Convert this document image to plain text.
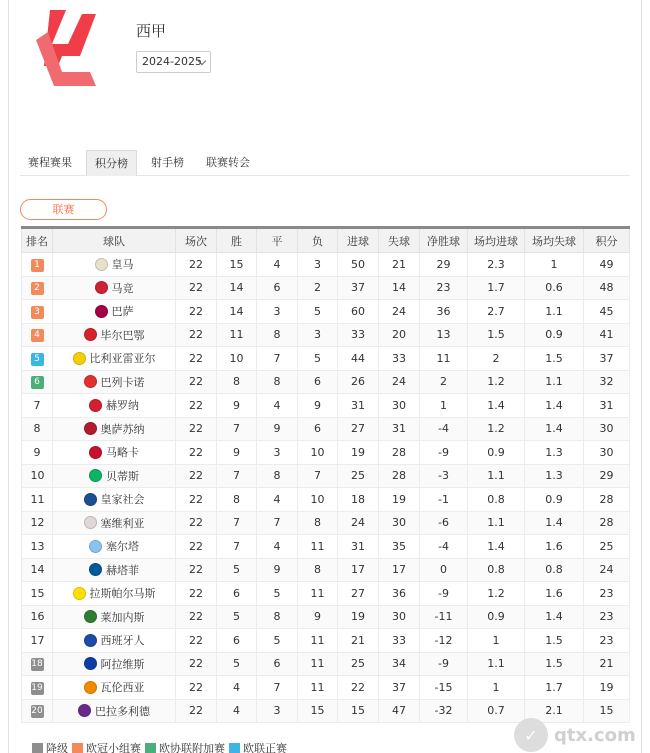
西甲
2024-2025
赛程赛果	积分榜	射手榜	联赛转会
联赛
排名	球队	场次	胜	平	负	进球	失球	净胜球	场均进球	场均失球	积分
1	皇马	22	15	4	3	50	21	29	2.3	1	49
2	马竞	22	14	6	2	37	14	23	1.7	0.6	48
3	巴萨	22	14	3	5	60	24	36	2.7	1.1	45
4	毕尔巴鄂	22	11	8	3	33	20	13	1.5	0.9	41
5	比利亚雷亚尔	22	10	7	5	44	33	11	2	1.5	37
6	巴列卡诺	22	8	8	6	26	24	2	1.2	1.1	32
7	赫罗纳	22	9	4	9	31	30	1	1.4	1.4	31
8	奥萨苏纳	22	7	9	6	27	31	-4	1.2	1.4	30
9	马略卡	22	9	3	10	19	28	-9	0.9	1.3	30
10	贝蒂斯	22	7	8	7	25	28	-3	1.1	1.3	29
11	皇家社会	22	8	4	10	18	19	-1	0.8	0.9	28
12	塞维利亚	22	7	7	8	24	30	-6	1.1	1.4	28
13	塞尔塔	22	7	4	11	31	35	-4	1.4	1.6	25
14	赫塔菲	22	5	9	8	17	17	0	0.8	0.8	24
15	拉斯帕尔马斯	22	6	5	11	27	36	-9	1.2	1.6	23
16	莱加内斯	22	5	8	9	19	30	-11	0.9	1.4	23
17	西班牙人	22	6	5	11	21	33	-12	1	1.5	23
18	阿拉维斯	22	5	6	11	25	34	-9	1.1	1.5	21
19	瓦伦西亚	22	4	7	11	22	37	-15	1	1.7	19
20	巴拉多利德	22	4	3	15	15	47	-32	0.7	2.1	15
降级 欧冠小组赛 欧协联附加赛 欧联正赛
✓ qtx.com
